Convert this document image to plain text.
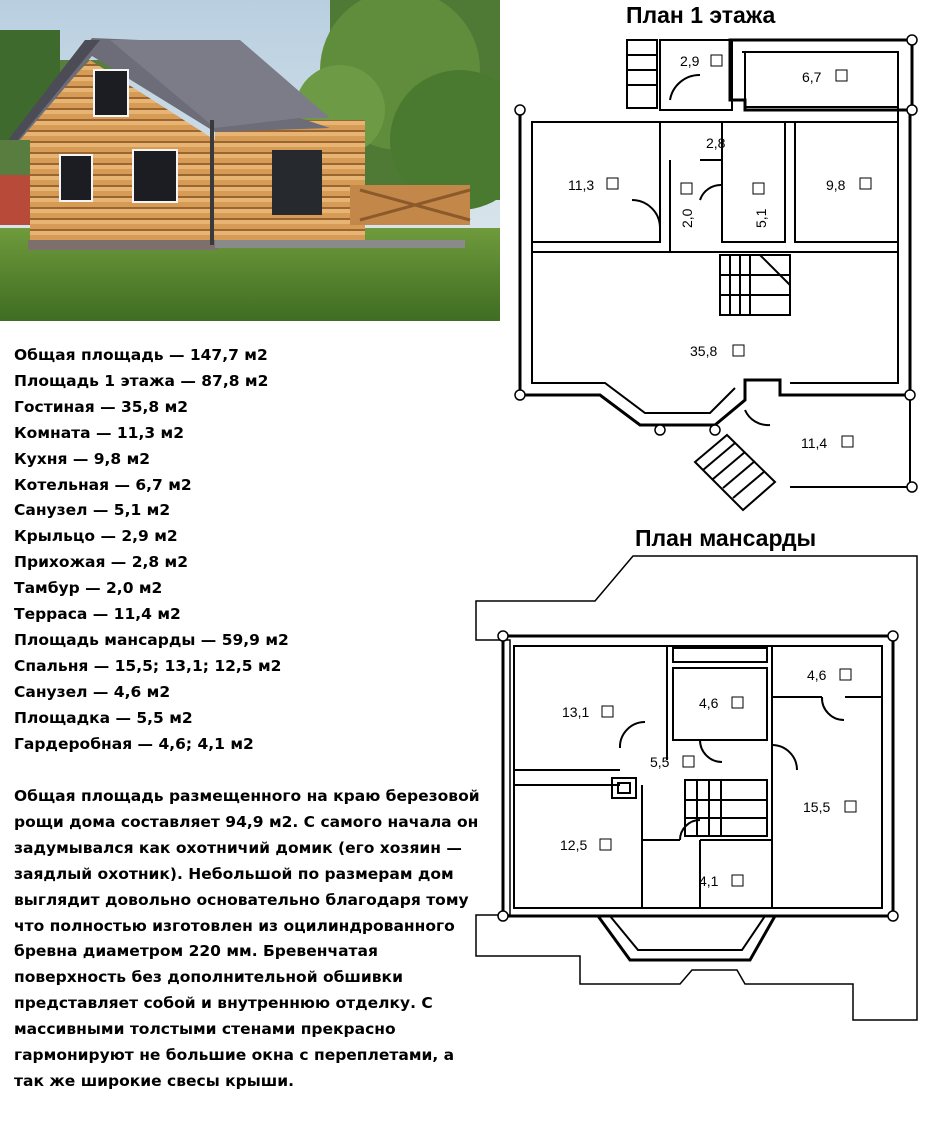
Общая площадь — 147,7 м2
Площадь 1 этажа — 87,8 м2
Гостиная — 35,8 м2
Комната — 11,3 м2
Кухня — 9,8 м2
Котельная — 6,7 м2
Санузел — 5,1 м2
Крыльцо — 2,9 м2
Прихожая — 2,8 м2
Тамбур — 2,0 м2
Терраса — 11,4 м2
Площадь мансарды — 59,9 м2
Спальня — 15,5; 13,1; 12,5 м2
Санузел — 4,6 м2
Площадка — 5,5 м2
Гардеробная — 4,6; 4,1 м2
Общая площадь размещенного на краю березовой рощи дома составляет 94,9 м2. С самого начала он задумывался как охотничий домик (его хозяин — заядлый охотник). Небольшой по размерам дом выглядит довольно основательно благодаря тому что полностью изготовлен из оцилиндрованного бревна диаметром 220 мм. Бревенчатая поверхность без дополнительной обшивки представляет собой и внутреннюю отделку. С массивными толстыми стенами прекрасно гармонируют не большие окна с переплетами, а так же широкие свесы крыши.
План 1 этажа
План мансарды
2,9
6,7
2,8
11,3
2,0	5,1
9,8
35,8
11,4
13,1
4,6
4,6
5,5
15,5
12,5
4,1
